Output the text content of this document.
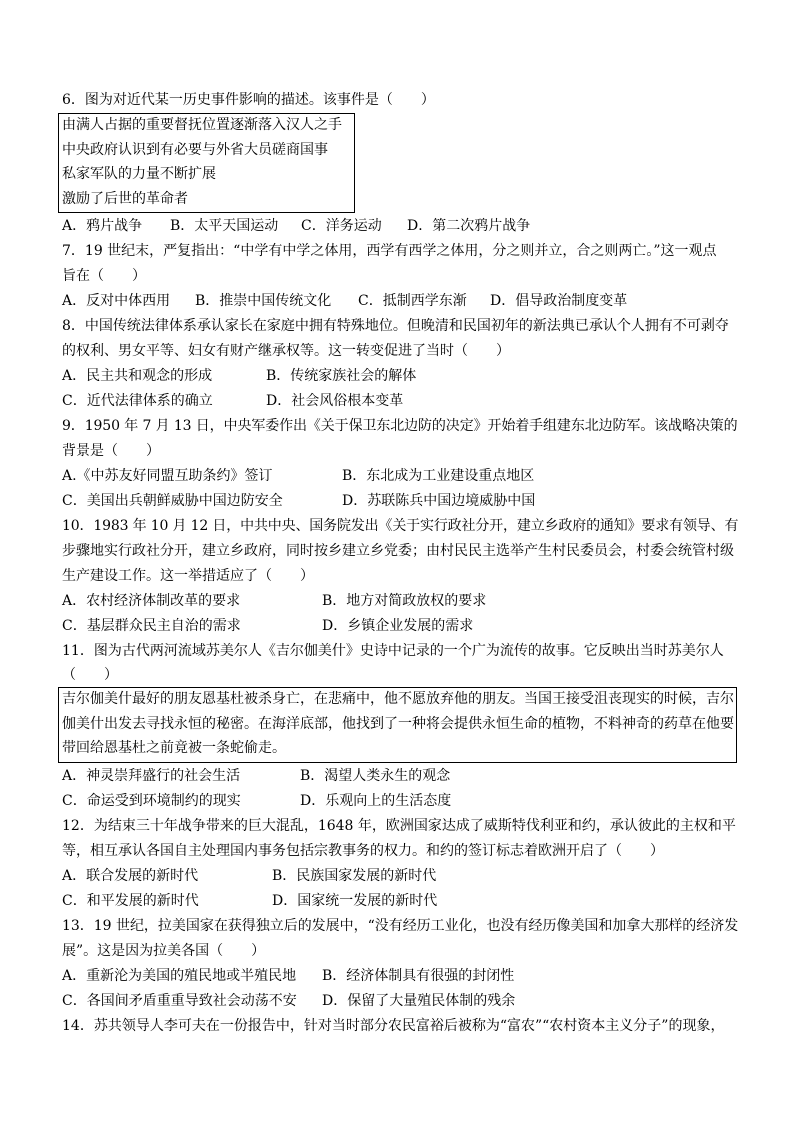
6．图为对近代某一历史事件影响的描述。该事件是（　　）
由满人占据的重要督抚位置逐渐落入汉人之手
中央政府认识到有必要与外省大员磋商国事
私家军队的力量不断扩展
激励了后世的革命者
A．鸦片战争 B．太平天国运动 C．洋务运动 D．第二次鸦片战争
7．19 世纪末，严复指出：“中学有中学之体用，西学有西学之体用，分之则并立，合之则两亡。”这一观点
旨在（　　）
A．反对中体西用 B．推崇中国传统文化 C．抵制西学东渐 D．倡导政治制度变革
8．中国传统法律体系承认家长在家庭中拥有特殊地位。但晚清和民国初年的新法典已承认个人拥有不可剥夺
的权利、男女平等、妇女有财产继承权等。这一转变促进了当时（　　）
A．民主共和观念的形成	B．传统家族社会的解体
C．近代法律体系的确立	D．社会风俗根本变革
9．1950 年 7 月 13 日，中央军委作出《关于保卫东北边防的决定》开始着手组建东北边防军。该战略决策的
背景是（　　）
A.《中苏友好同盟互助条约》签订	B．东北成为工业建设重点地区
C．美国出兵朝鲜威胁中国边防安全	D．苏联陈兵中国边境威胁中国
10．1983 年 10 月 12 日，中共中央、国务院发出《关于实行政社分开，建立乡政府的通知》要求有领导、有
步骤地实行政社分开，建立乡政府，同时按乡建立乡党委；由村民民主选举产生村民委员会，村委会统管村级
生产建设工作。这一举措适应了（　　）
A．农村经济体制改革的要求	B．地方对简政放权的要求
C．基层群众民主自治的需求	D．乡镇企业发展的需求
11．图为古代两河流域苏美尔人《吉尔伽美什》史诗中记录的一个广为流传的故事。它反映出当时苏美尔人
（　　）
吉尔伽美什最好的朋友恩基杜被杀身亡，在悲痛中，他不愿放弃他的朋友。当国王接受沮丧现实的时候，吉尔
伽美什出发去寻找永恒的秘密。在海洋底部，他找到了一种将会提供永恒生命的植物，不料神奇的药草在他要
带回给恩基杜之前竟被一条蛇偷走。
A．神灵崇拜盛行的社会生活	B．渴望人类永生的观念
C．命运受到环境制约的现实	D．乐观向上的生活态度
12．为结束三十年战争带来的巨大混乱，1648 年，欧洲国家达成了威斯特伐利亚和约，承认彼此的主权和平
等，相互承认各国自主处理国内事务包括宗教事务的权力。和约的签订标志着欧洲开启了（　　）
A．联合发展的新时代	B．民族国家发展的新时代
C．和平发展的新时代	D．国家统一发展的新时代
13．19 世纪，拉美国家在获得独立后的发展中，“没有经历工业化，也没有经历像美国和加拿大那样的经济发
展”。这是因为拉美各国（　　）
A．重新沦为美国的殖民地或半殖民地 B．经济体制具有很强的封闭性
C．各国间矛盾重重导致社会动荡不安 D．保留了大量殖民体制的残余
14．苏共领导人李可夫在一份报告中，针对当时部分农民富裕后被称为“富农”“农村资本主义分子”的现象，
